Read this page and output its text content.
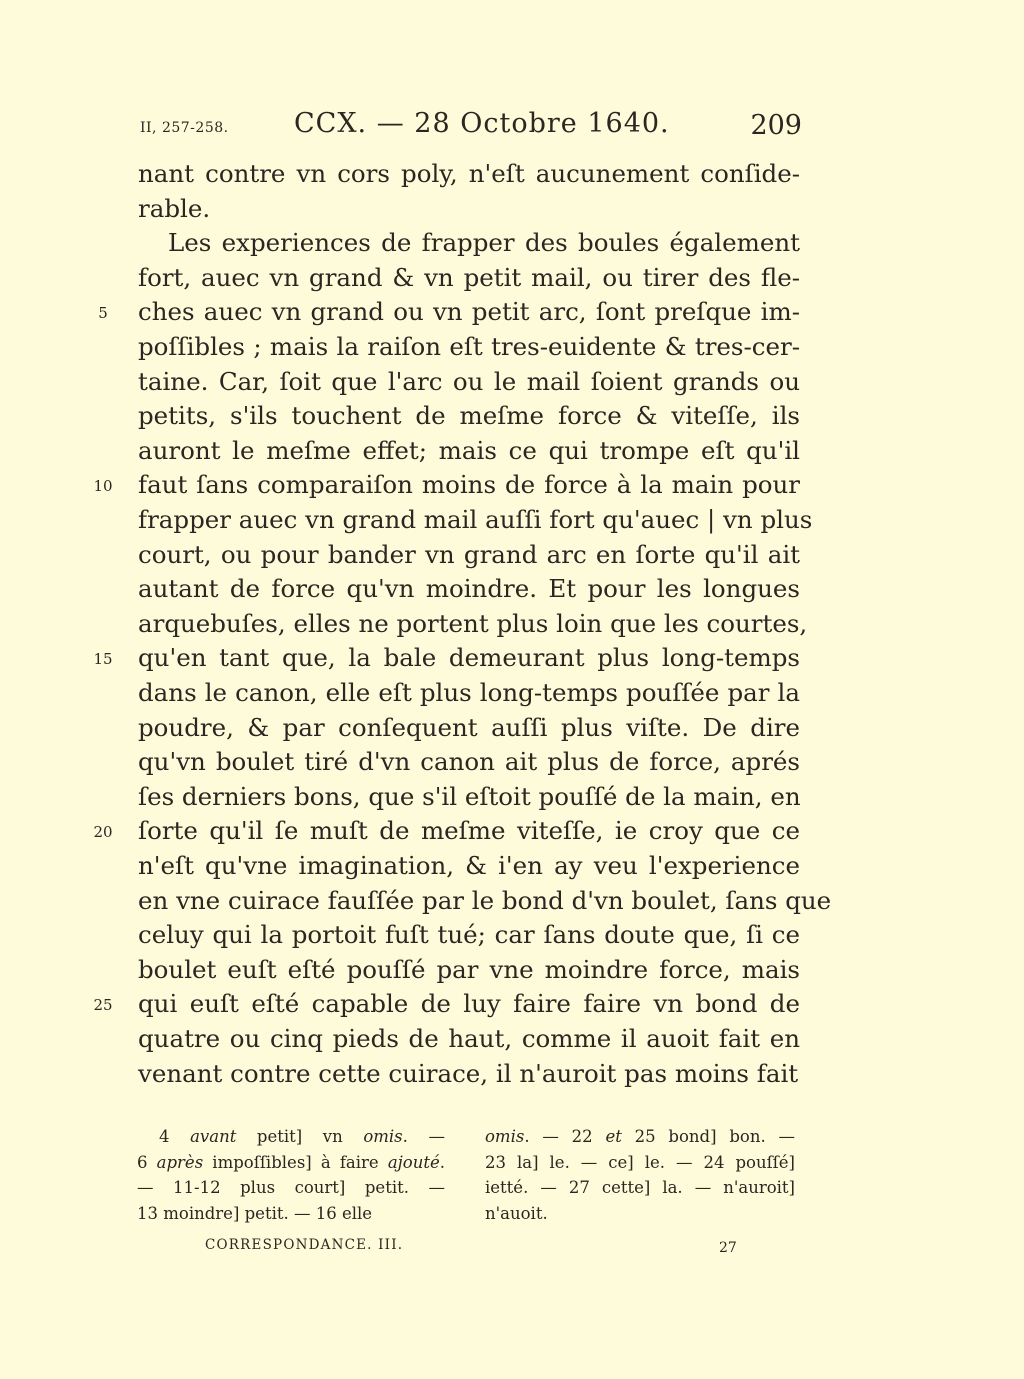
II, 257-258. CCX. — 28 Octobre 1640.	209
nant contre vn cors poly, n'eſt aucunement conſide-
rable.
Les experiences de frapper des boules également
fort, auec vn grand & vn petit mail, ou tirer des fle-
ches auec vn grand ou vn petit arc, ſont preſque im-
5
poſſibles ; mais la raiſon eſt tres-euidente & tres-cer-
taine. Car, ſoit que l'arc ou le mail ſoient grands ou
petits, s'ils touchent de meſme force & viteſſe, ils
auront le meſme effet; mais ce qui trompe eſt qu'il
faut ſans comparaiſon moins de force à la main pour
10
frapper auec vn grand mail auſſi fort qu'auec | vn plus
court, ou pour bander vn grand arc en ſorte qu'il ait
autant de force qu'vn moindre. Et pour les longues
arquebuſes, elles ne portent plus loin que les courtes,
qu'en tant que, la bale demeurant plus long-temps
15
dans le canon, elle eſt plus long-temps pouſſée par la
poudre, & par conſequent auſſi plus viſte. De dire
qu'vn boulet tiré d'vn canon ait plus de force, aprés
ſes derniers bons, que s'il eſtoit pouſſé de la main, en
ſorte qu'il ſe muſt de meſme viteſſe, ie croy que ce
20
n'eſt qu'vne imagination, & i'en ay veu l'experience
en vne cuirace fauſſée par le bond d'vn boulet, ſans que
celuy qui la portoit fuſt tué; car ſans doute que, ſi ce
boulet euſt eſté pouſſé par vne moindre force, mais
qui euſt eſté capable de luy faire faire vn bond de
25
quatre ou cinq pieds de haut, comme il auoit fait en
venant contre cette cuirace, il n'auroit pas moins fait
4 avant petit] vn omis. —
6 après impoſſibles] à faire ajouté.
— 11-12 plus court] petit. —
13 moindre] petit. — 16 elle
omis. — 22 et 25 bond] bon. —
23 la] le. — ce] le. — 24 pouſſé]
ietté. — 27 cette] la. — n'auroit]
n'auoit.
CORRESPONDANCE. III.	27
